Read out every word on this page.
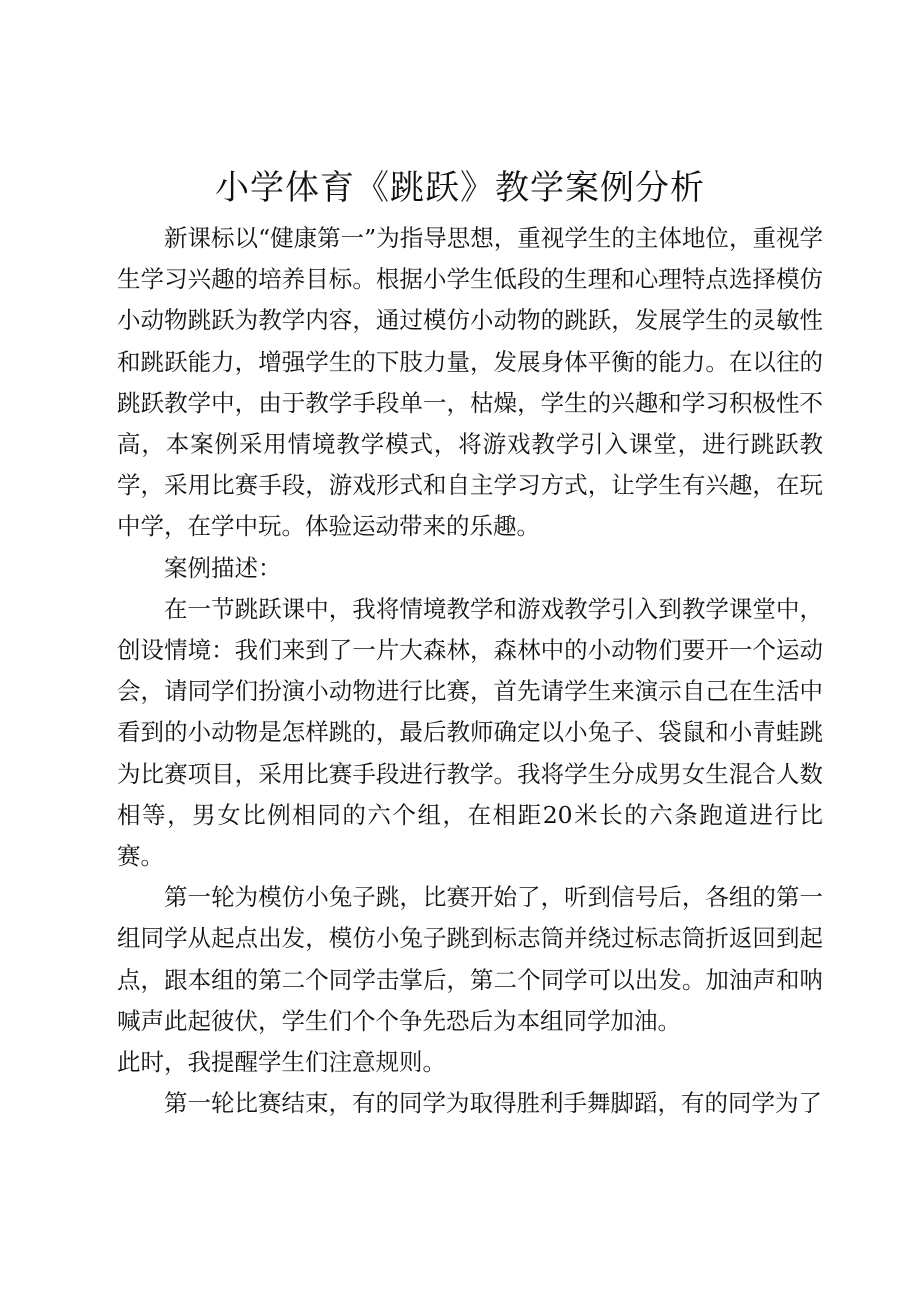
小学体育《跳跃》教学案例分析

新课标以“健康第一”为指导思想，重视学生的主体地位，重视学生学习兴趣的培养目标。根据小学生低段的生理和心理特点选择模仿小动物跳跃为教学内容，通过模仿小动物的跳跃，发展学生的灵敏性和跳跃能力，增强学生的下肢力量，发展身体平衡的能力。在以往的跳跃教学中，由于教学手段单一，枯燥，学生的兴趣和学习积极性不高，本案例采用情境教学模式，将游戏教学引入课堂，进行跳跃教学，采用比赛手段，游戏形式和自主学习方式，让学生有兴趣，在玩中学，在学中玩。体验运动带来的乐趣。

案例描述：

在一节跳跃课中，我将情境教学和游戏教学引入到教学课堂中，创设情境：我们来到了一片大森林，森林中的小动物们要开一个运动会，请同学们扮演小动物进行比赛，首先请学生来演示自己在生活中看到的小动物是怎样跳的，最后教师确定以小兔子、袋鼠和小青蛙跳为比赛项目，采用比赛手段进行教学。我将学生分成男女生混合人数相等，男女比例相同的六个组，在相距20米长的六条跑道进行比赛。

第一轮为模仿小兔子跳，比赛开始了，听到信号后，各组的第一组同学从起点出发，模仿小兔子跳到标志筒并绕过标志筒折返回到起点，跟本组的第二个同学击掌后，第二个同学可以出发。加油声和呐喊声此起彼伏，学生们个个争先恐后为本组同学加油。

此时，我提醒学生们注意规则。

第一轮比赛结束，有的同学为取得胜利手舞脚蹈，有的同学为了
